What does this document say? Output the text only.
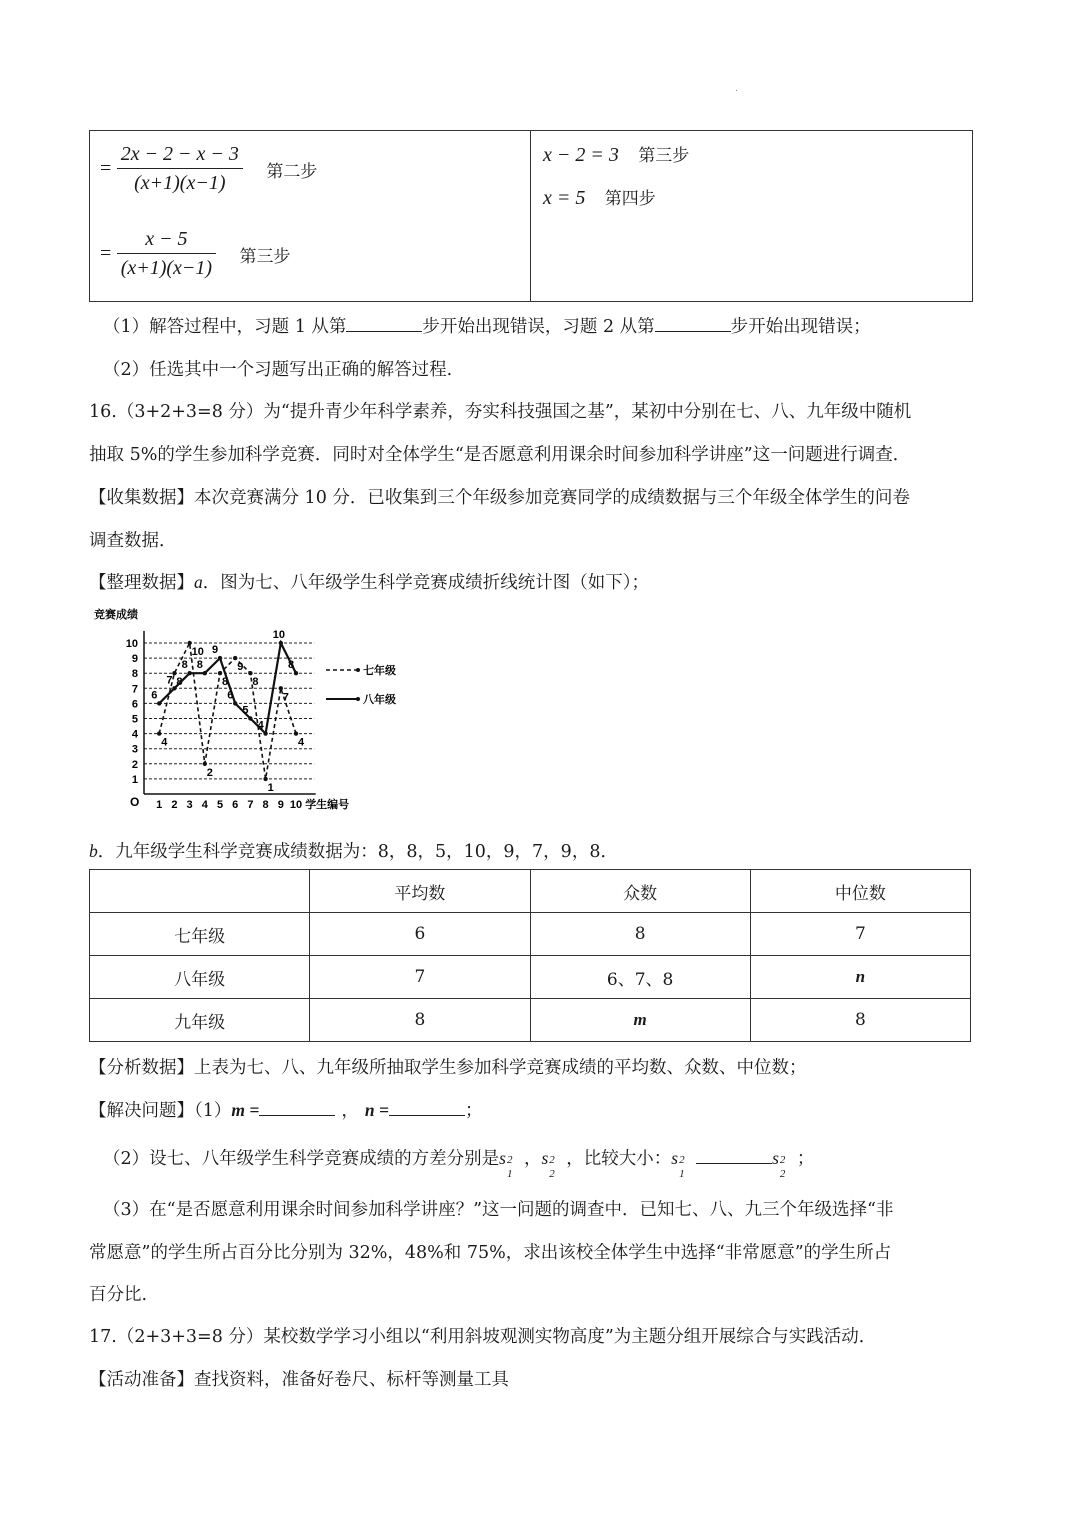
.
= $\frac{2x - 2 - x - 3}{(x+1)(x-1)}$ 第二步
= $\frac{x - 5}{(x+1)(x-1)}$ 第三步
x − 2 = 3 第三步
x = 5 第四步
（1）解答过程中，习题 1 从第	步开始出现错误，习题 2 从第	步开始出现错误；
（2）任选其中一个习题写出正确的解答过程.
16.（3+2+3=8 分）为“提升青少年科学素养，夯实科技强国之基”，某初中分别在七、八、九年级中随机
抽取 5%的学生参加科学竞赛．同时对全体学生“是否愿意利用课余时间参加科学讲座”这一问题进行调查．
【收集数据】本次竞赛满分 10 分．已收集到三个年级参加竞赛同学的成绩数据与三个年级全体学生的问卷
调查数据．
【整理数据】a．图为七、八年级学生科学竞赛成绩折线统计图（如下）；
1
2
3
4
5
6
7
8
9
10
竞赛成绩
O 1 2 3 4 5 6 7 8 9 10 学生编号
4
8
10
2
8
9
8
1
7
4
6
7
8 8
9
6
5
4
10
8	七年级
八年级
b．九年级学生科学竞赛成绩数据为：8，8，5，10，9，7，9，8．
	平均数	众数	中位数
七年级	6	8	7
八年级	7	6、7、8	n
九年级	8	m	8
【分析数据】上表为七、八、九年级所抽取学生参加科学竞赛成绩的平均数、众数、中位数；
【解决问题】（1）m =	， n =	；
（2）设七、八年级学生科学竞赛成绩的方差分别是s 2
1
，s 2
2
，比较大小：s 2
1
s 2
2
；
（3）在“是否愿意利用课余时间参加科学讲座？”这一问题的调查中．已知七、八、九三个年级选择“非
常愿意”的学生所占百分比分别为 32%，48%和 75%，求出该校全体学生中选择“非常愿意”的学生所占
百分比.
17.（2+3+3=8 分）某校数学学习小组以“利用斜坡观测实物高度”为主题分组开展综合与实践活动．
【活动准备】查找资料，准备好卷尺、标杆等测量工具
